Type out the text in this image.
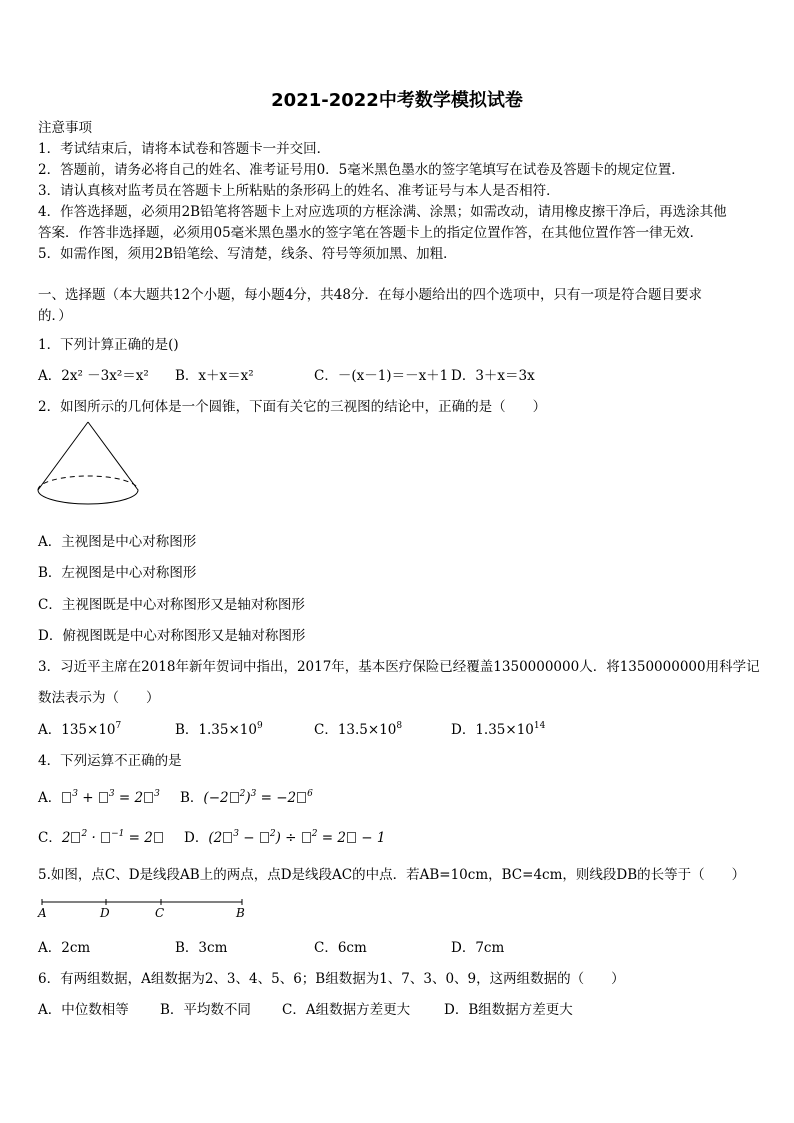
2021-2022中考数学模拟试卷
注意事项
1．考试结束后，请将本试卷和答题卡一并交回．
2．答题前，请务必将自己的姓名、准考证号用0．5毫米黑色墨水的签字笔填写在试卷及答题卡的规定位置．
3．请认真核对监考员在答题卡上所粘贴的条形码上的姓名、准考证号与本人是否相符．
4．作答选择题，必须用2B铅笔将答题卡上对应选项的方框涂满、涂黑；如需改动，请用橡皮擦干净后，再选涂其他
答案．作答非选择题，必须用05毫米黑色墨水的签字笔在答题卡上的指定位置作答，在其他位置作答一律无效．
5．如需作图，须用2B铅笔绘、写清楚，线条、符号等须加黑、加粗．
一、选择题（本大题共12个小题，每小题4分，共48分．在每小题给出的四个选项中，只有一项是符合题目要求
的．）
1．下列计算正确的是()
A．2x² －3x²＝x² B．x＋x＝x²	C．－(x－1)＝－x＋1 D．3＋x＝3x
2．如图所示的几何体是一个圆锥，下面有关它的三视图的结论中，正确的是（　　）
A．主视图是中心对称图形
B．左视图是中心对称图形
C．主视图既是中心对称图形又是轴对称图形
D．俯视图既是中心对称图形又是轴对称图形
3．习近平主席在2018年新年贺词中指出，2017年，基本医疗保险已经覆盖1350000000人．将1350000000用科学记
数法表示为（　　）
A．$135\times 10^7$	B．$1.35\times 10^9$	C．$13.5\times 10^8$	D．$1.35\times 10^{14}$
4．下列运算不正确的是
A． $^3$ + $^3$ = 2 $^3$ B．(−2 $^2$)$^3$ = −2 $^6$
C．2 $^2$ · $^{-1}$ = 2	D．(2 $^3$ − $^2$) ÷ $^2$ = 2 − 1
5.如图，点C、D是线段AB上的两点，点D是线段AC的中点．若AB=10cm，BC=4cm，则线段DB的长等于（　　）
A	D	C	B
A．2cm	B．3cm	C．6cm	D．7cm
6．有两组数据，A组数据为2、3、4、5、6；B组数据为1、7、3、0、9，这两组数据的（　　）
A．中位数相等 B．平均数不同 C．A组数据方差更大	D．B组数据方差更大
